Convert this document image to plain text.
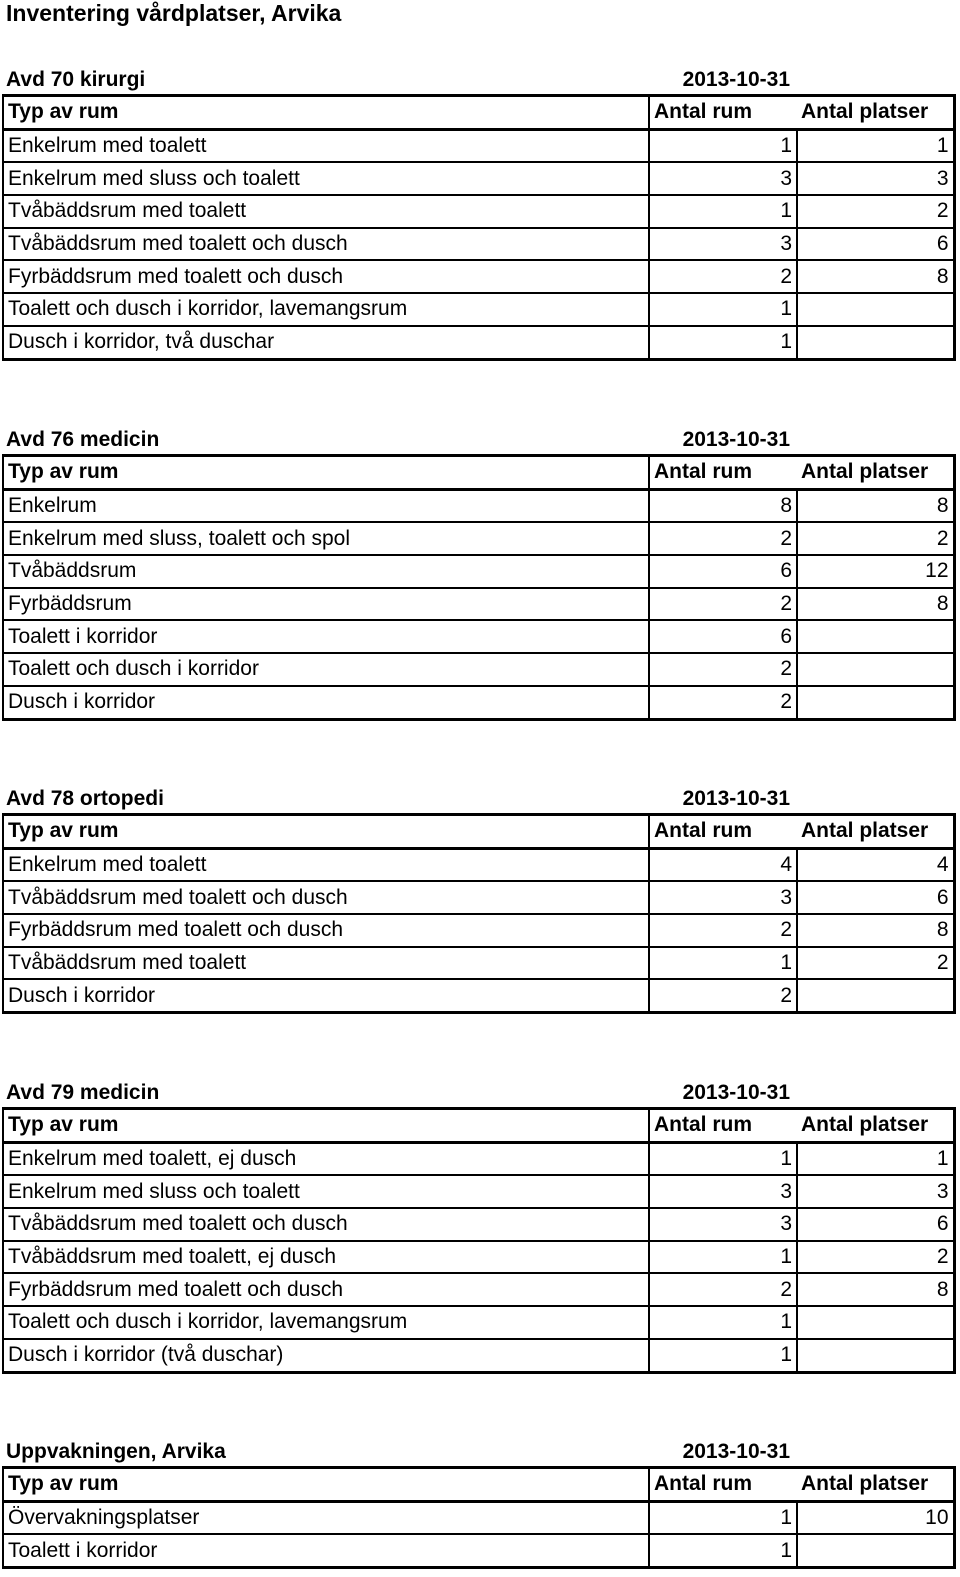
Inventering vårdplatser, Arvika
Avd 70 kirurgi	2013-10-31
Typ av rum	Antal rum	Antal platser
Enkelrum med toalett	1	1
Enkelrum med sluss och toalett	3	3
Tvåbäddsrum med toalett	1	2
Tvåbäddsrum med toalett och dusch	3	6
Fyrbäddsrum med toalett och dusch	2	8
Toalett och dusch i korridor, lavemangsrum	1	
Dusch i korridor, två duschar	1	
Avd 76 medicin	2013-10-31
Typ av rum	Antal rum	Antal platser
Enkelrum	8	8
Enkelrum med sluss, toalett och spol	2	2
Tvåbäddsrum	6	12
Fyrbäddsrum	2	8
Toalett i korridor	6	
Toalett och dusch i korridor	2	
Dusch i korridor	2	
Avd 78 ortopedi	2013-10-31
Typ av rum	Antal rum	Antal platser
Enkelrum med toalett	4	4
Tvåbäddsrum med toalett och dusch	3	6
Fyrbäddsrum med toalett och dusch	2	8
Tvåbäddsrum med toalett	1	2
Dusch i korridor	2	
Avd 79 medicin	2013-10-31
Typ av rum	Antal rum	Antal platser
Enkelrum med toalett, ej dusch	1	1
Enkelrum med sluss och toalett	3	3
Tvåbäddsrum med toalett och dusch	3	6
Tvåbäddsrum med toalett, ej dusch	1	2
Fyrbäddsrum med toalett och dusch	2	8
Toalett och dusch i korridor, lavemangsrum	1	
Dusch i korridor (två duschar)	1	
Uppvakningen, Arvika	2013-10-31
Typ av rum	Antal rum	Antal platser
Övervakningsplatser	1	10
Toalett i korridor	1	
